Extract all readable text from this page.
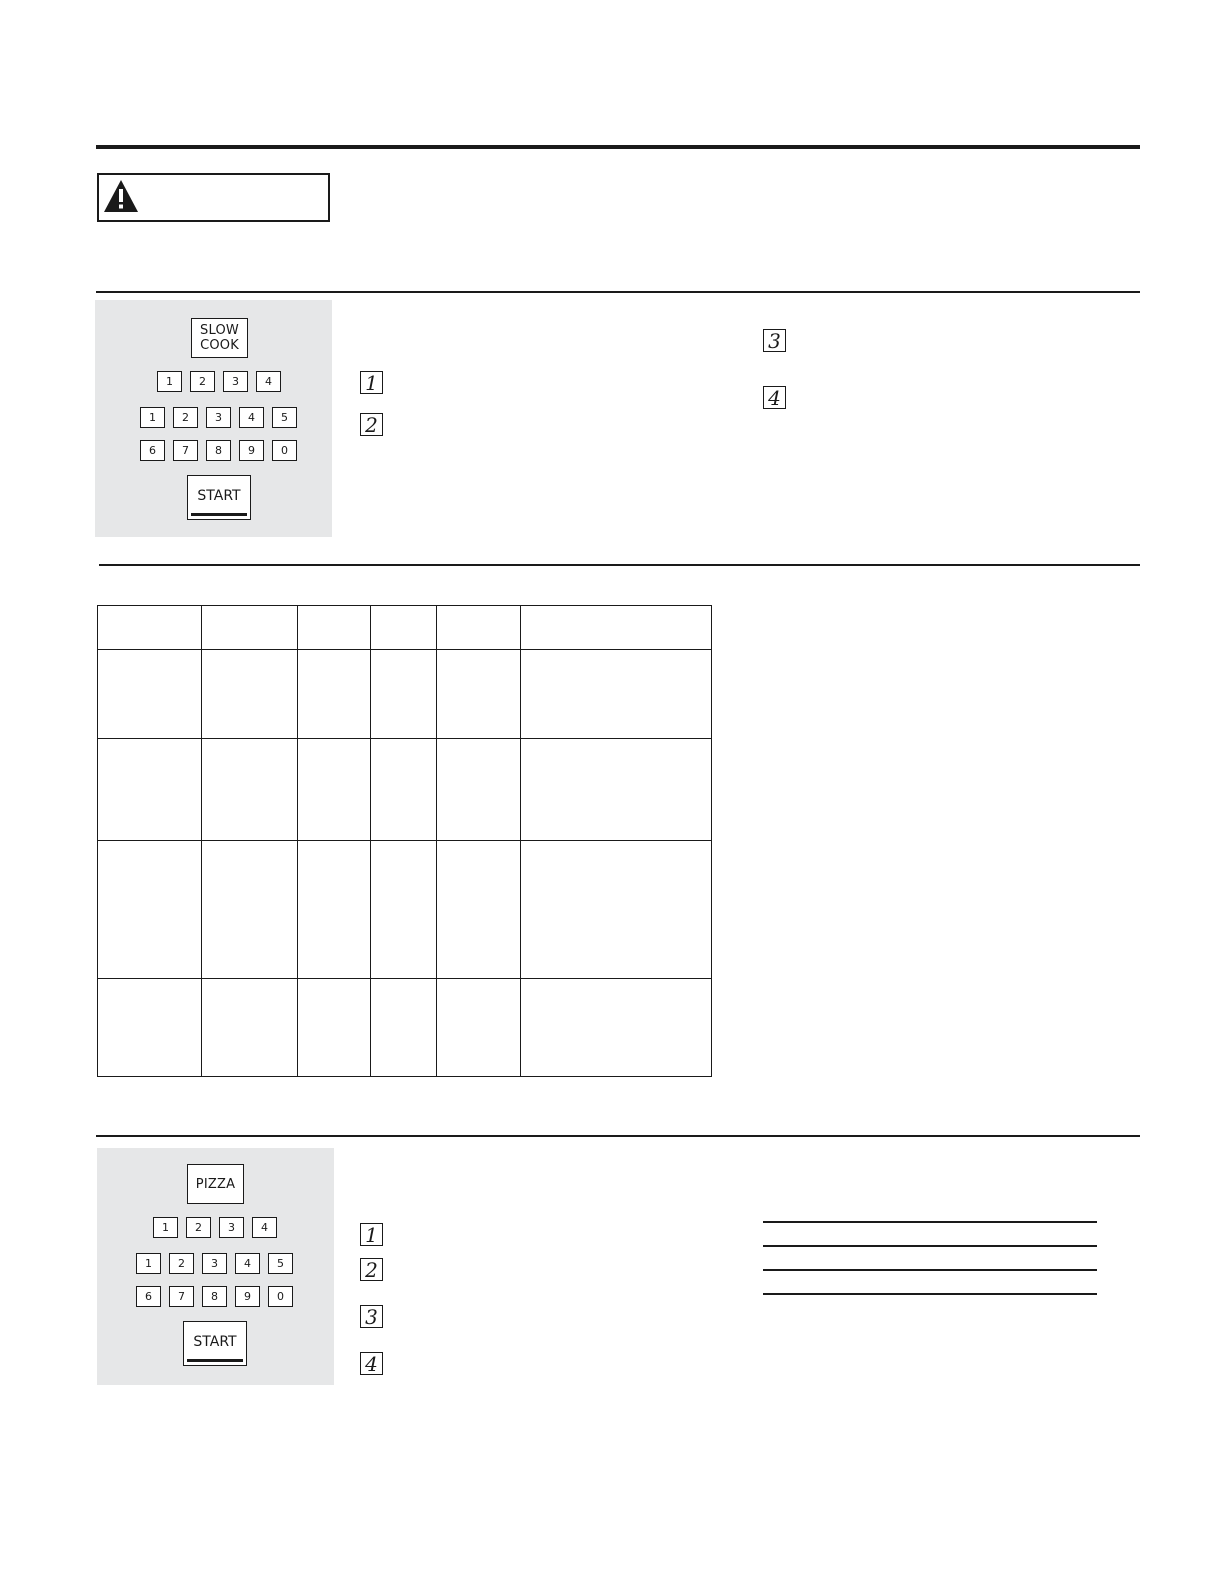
SLOW
COOK
1 2 3 4
1 2 3 4 5
6 7 8 9 0
START
1
2
3
4

PIZZA
1 2 3 4
1 2 3 4 5
6 7 8 9 0
START
1
2
3
4
